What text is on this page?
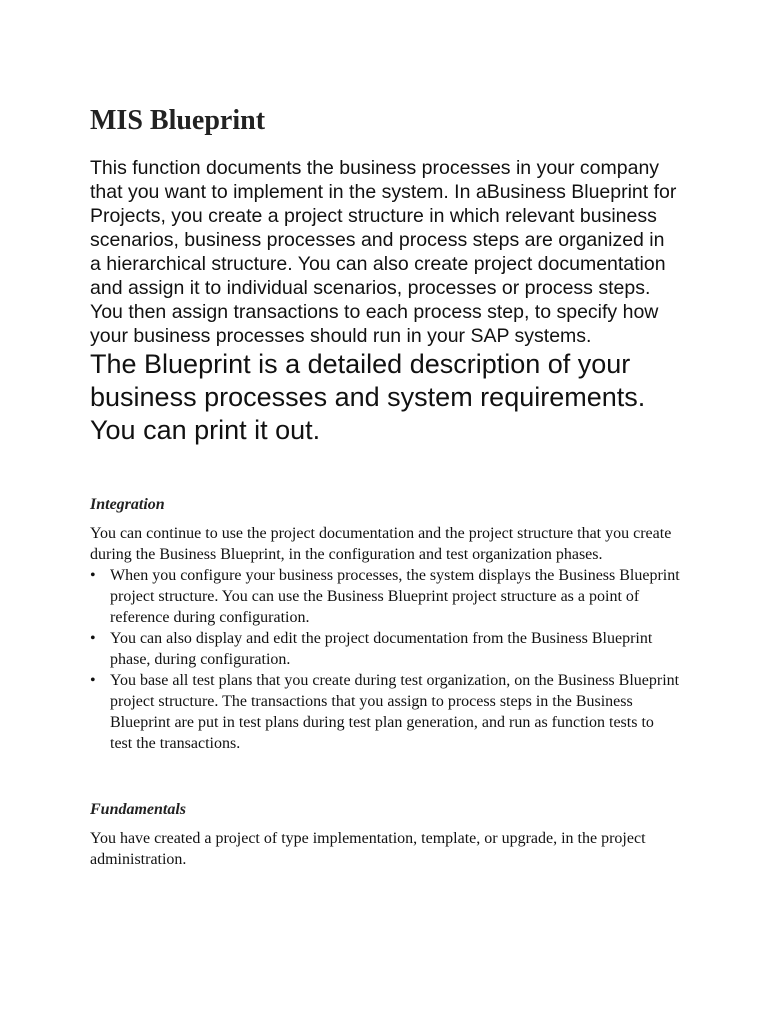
MIS Blueprint

This function documents the business processes in your company that you want to implement in the system. In aBusiness Blueprint for Projects, you create a project structure in which relevant business scenarios, business processes and process steps are organized in a hierarchical structure. You can also create project documentation and assign it to individual scenarios, processes or process steps. You then assign transactions to each process step, to specify how your business processes should run in your SAP systems.

The Blueprint is a detailed description of your business processes and system requirements. You can print it out.

Integration

You can continue to use the project documentation and the project structure that you create during the Business Blueprint, in the configuration and test organization phases.

• When you configure your business processes, the system displays the Business Blueprint project structure. You can use the Business Blueprint project structure as a point of reference during configuration.
• You can also display and edit the project documentation from the Business Blueprint phase, during configuration.
• You base all test plans that you create during test organization, on the Business Blueprint project structure. The transactions that you assign to process steps in the Business Blueprint are put in test plans during test plan generation, and run as function tests to test the transactions.
Fundamentals

You have created a project of type implementation, template, or upgrade, in the project administration.
